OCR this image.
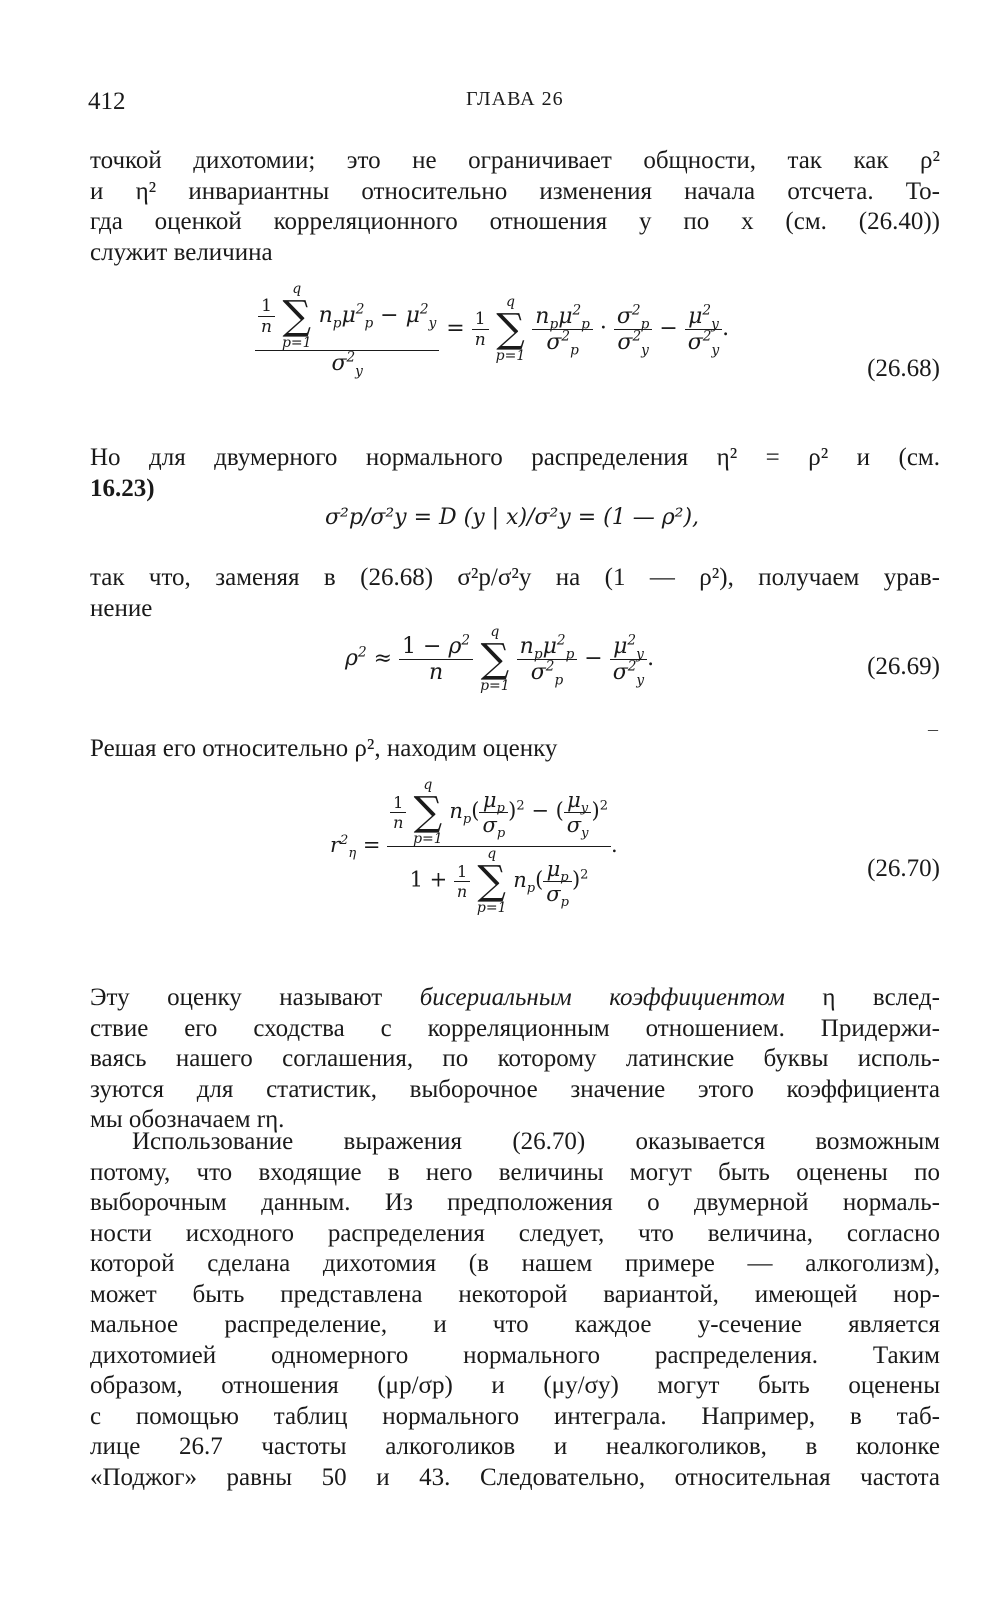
412	ГЛАВА 26
точкой дихотомии; это не ограничивает общности, так как ρ²
и η² инвариантны относительно изменения начала отсчета. То-
гда оценкой корреляционного отношения y по x (см. (26.40))
служит величина
$\frac{1}{n}$

q
∑
p=1
$n_p\mu^2_p - \mu^2_y$
$\sigma^2_y = \frac{1}{n}$

q
∑
p=1

$\frac{n_p\mu^2_p}{\sigma^2_p} \cdot \frac{\sigma^2_p}{\sigma^2_y} - \frac{\mu^2_y}{\sigma^2_y}$ .
(26.68)
Но для двумерного нормального распределения η² = ρ² и (см.
16.23)
σ²p/σ²y = D (y | x)/σ²y = (1 — ρ²),
так что, заменяя в (26.68) σ²p/σ²y на (1 — ρ²), получаем урав-
нение
$\rho^2 \approx \frac{1 - \rho^2}{n}$

q
∑
p=1

$\frac{n_p\mu^2_p}{\sigma^2_p} - \frac{\mu^2_y}{\sigma^2_y}$ .	(26.69)
–
Решая его относительно ρ², находим оценку
$r^2_\eta = \frac{1}{n}$

q
∑
p=1
$n_p( \frac{\mu_p}{\sigma_p} )^2$ − ( $\frac{\mu_y}{\sigma_y} )^2$
$1 + \frac{1}{n}$

q
∑
p=1
$n_p( \frac{\mu_p}{\sigma_p} )^2$ .
(26.70)
Эту оценку называют бисериальным коэффициентом η вслед-
ствие его сходства с корреляционным отношением. Придержи-
ваясь нашего соглашения, по которому латинские буквы исполь-
зуются для статистик, выборочное значение этого коэффициента
мы обозначаем rη.
Использование выражения (26.70) оказывается возможным
потому, что входящие в него величины могут быть оценены по
выборочным данным. Из предположения о двумерной нормаль-
ности исходного распределения следует, что величина, согласно
которой сделана дихотомия (в нашем примере — алкоголизм),
может быть представлена некоторой вариантой, имеющей нор-
мальное распределение, и что каждое y-сечение является
дихотомией одномерного нормального распределения. Таким
образом, отношения (μp/σp) и (μy/σy) могут быть оценены
с помощью таблиц нормального интеграла. Например, в таб-
лице 26.7 частоты алкоголиков и неалкоголиков, в колонке
«Поджог» равны 50 и 43. Следовательно, относительная частота
